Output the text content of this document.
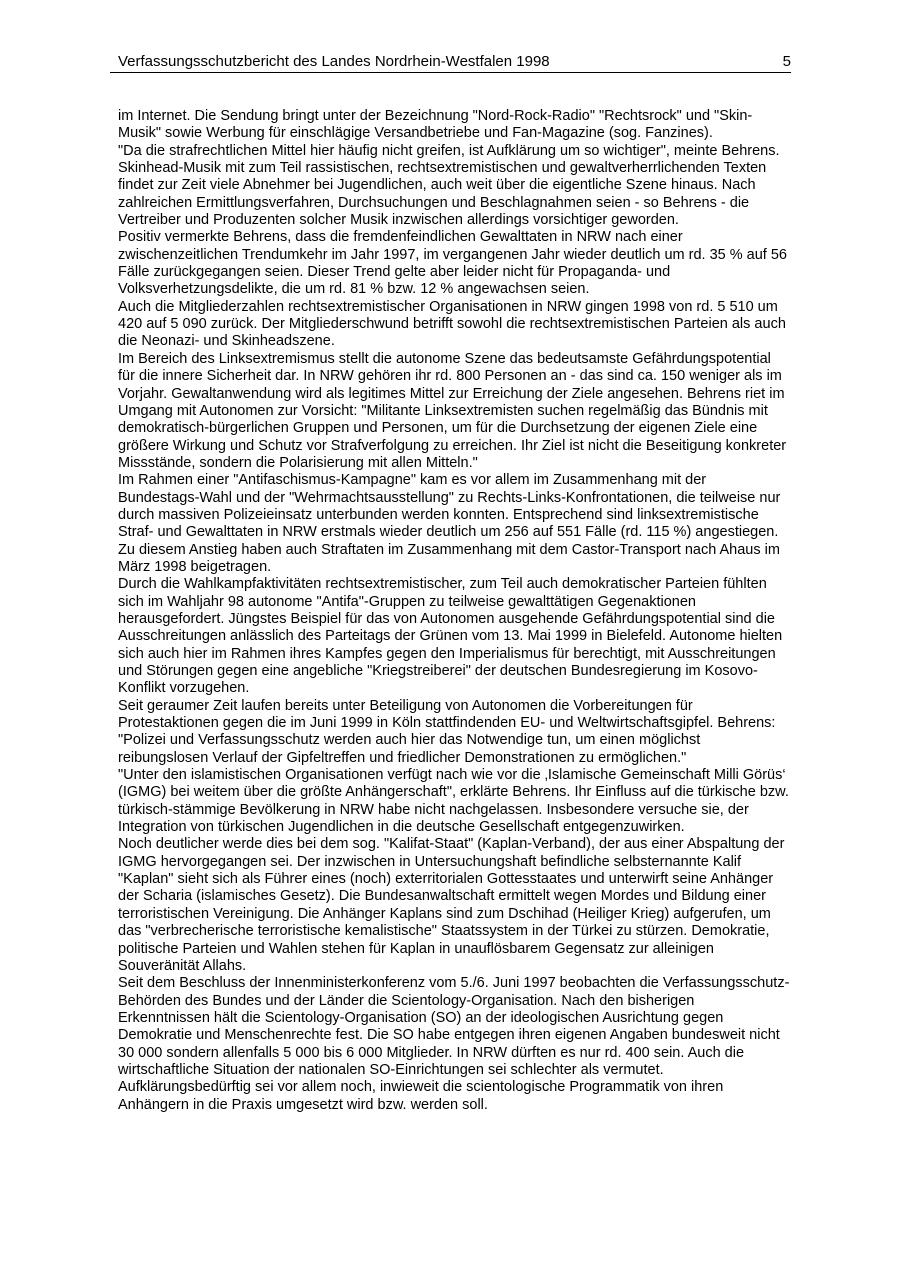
Verfassungsschutzbericht des Landes Nordrhein-Westfalen 1998	5

im Internet. Die Sendung bringt unter der Bezeichnung "Nord-Rock-Radio" "Rechtsrock" und "Skin-Musik" sowie Werbung für einschlägige Versandbetriebe und Fan-Magazine (sog. Fanzines).

"Da die strafrechtlichen Mittel hier häufig nicht greifen, ist Aufklärung um so wichtiger", meinte Behrens.

Skinhead-Musik mit zum Teil rassistischen, rechtsextremistischen und gewaltverherrlichenden Texten findet zur Zeit viele Abnehmer bei Jugendlichen, auch weit über die eigentliche Szene hinaus. Nach zahlreichen Ermittlungsverfahren, Durchsuchungen und Beschlagnahmen seien - so Behrens - die Vertreiber und Produzenten solcher Musik inzwischen allerdings vorsichtiger geworden.

Positiv vermerkte Behrens, dass die fremdenfeindlichen Gewalttaten in NRW nach einer zwischenzeitlichen Trendumkehr im Jahr 1997, im vergangenen Jahr wieder deutlich um rd. 35 % auf 56 Fälle zurückgegangen seien. Dieser Trend gelte aber leider nicht für Propaganda- und Volksverhetzungsdelikte, die um rd. 81 % bzw. 12 % angewachsen seien.

Auch die Mitgliederzahlen rechtsextremistischer Organisationen in NRW gingen 1998 von rd. 5 510 um 420 auf 5 090 zurück. Der Mitgliederschwund betrifft sowohl die rechtsextremistischen Parteien als auch die Neonazi- und Skinheadszene.

Im Bereich des Linksextremismus stellt die autonome Szene das bedeutsamste Gefährdungspotential für die innere Sicherheit dar. In NRW gehören ihr rd. 800 Personen an - das sind ca. 150 weniger als im Vorjahr. Gewaltanwendung wird als legitimes Mittel zur Erreichung der Ziele angesehen. Behrens riet im Umgang mit Autonomen zur Vorsicht: "Militante Linksextremisten suchen regelmäßig das Bündnis mit demokratisch-bürgerlichen Gruppen und Personen, um für die Durchsetzung der eigenen Ziele eine größere Wirkung und Schutz vor Strafverfolgung zu erreichen. Ihr Ziel ist nicht die Beseitigung konkreter Missstände, sondern die Polarisierung mit allen Mitteln."

Im Rahmen einer "Antifaschismus-Kampagne" kam es vor allem im Zusammenhang mit der Bundestags-Wahl und der "Wehrmachtsausstellung" zu Rechts-Links-Konfrontationen, die teilweise nur durch massiven Polizeieinsatz unterbunden werden konnten. Entsprechend sind linksextremistische Straf- und Gewalttaten in NRW erstmals wieder deutlich um 256 auf 551 Fälle (rd. 115 %) angestiegen. Zu diesem Anstieg haben auch Straftaten im Zusammenhang mit dem Castor-Transport nach Ahaus im März 1998 beigetragen.

Durch die Wahlkampfaktivitäten rechtsextremistischer, zum Teil auch demokratischer Parteien fühlten sich im Wahljahr 98 autonome "Antifa"-Gruppen zu teilweise gewalttätigen Gegenaktionen herausgefordert. Jüngstes Beispiel für das von Autonomen ausgehende Gefährdungspotential sind die Ausschreitungen anlässlich des Parteitags der Grünen vom 13. Mai 1999 in Bielefeld. Autonome hielten sich auch hier im Rahmen ihres Kampfes gegen den Imperialismus für berechtigt, mit Ausschreitungen und Störungen gegen eine angebliche "Kriegstreiberei" der deutschen Bundesregierung im Kosovo-Konflikt vorzugehen.

Seit geraumer Zeit laufen bereits unter Beteiligung von Autonomen die Vorbereitungen für Protestaktionen gegen die im Juni 1999 in Köln stattfindenden EU- und Weltwirtschaftsgipfel. Behrens: "Polizei und Verfassungsschutz werden auch hier das Notwendige tun, um einen möglichst reibungslosen Verlauf der Gipfeltreffen und friedlicher Demonstrationen zu ermöglichen."

"Unter den islamistischen Organisationen verfügt nach wie vor die ‚Islamische Gemeinschaft Milli Görüs‘ (IGMG) bei weitem über die größte Anhängerschaft", erklärte Behrens. Ihr Einfluss auf die türkische bzw. türkisch-stämmige Bevölkerung in NRW habe nicht nachgelassen. Insbesondere versuche sie, der Integration von türkischen Jugendlichen in die deutsche Gesellschaft entgegenzuwirken.

Noch deutlicher werde dies bei dem sog. "Kalifat-Staat" (Kaplan-Verband), der aus einer Abspaltung der IGMG hervorgegangen sei. Der inzwischen in Untersuchungshaft befindliche selbsternannte Kalif "Kaplan" sieht sich als Führer eines (noch) exterritorialen Gottesstaates und unterwirft seine Anhänger der Scharia (islamisches Gesetz). Die Bundesanwaltschaft ermittelt wegen Mordes und Bildung einer terroristischen Vereinigung. Die Anhänger Kaplans sind zum Dschihad (Heiliger Krieg) aufgerufen, um das "verbrecherische terroristische kemalistische" Staatssystem in der Türkei zu stürzen. Demokratie, politische Parteien und Wahlen stehen für Kaplan in unauflösbarem Gegensatz zur alleinigen Souveränität Allahs.

Seit dem Beschluss der Innenministerkonferenz vom 5./6. Juni 1997 beobachten die Verfassungsschutz-Behörden des Bundes und der Länder die Scientology-Organisation. Nach den bisherigen Erkenntnissen hält die Scientology-Organisation (SO) an der ideologischen Ausrichtung gegen Demokratie und Menschenrechte fest. Die SO habe entgegen ihren eigenen Angaben bundesweit nicht 30 000 sondern allenfalls 5 000 bis 6 000 Mitglieder. In NRW dürften es nur rd. 400 sein. Auch die wirtschaftliche Situation der nationalen SO-Einrichtungen sei schlechter als vermutet. Aufklärungsbedürftig sei vor allem noch, inwieweit die scientologische Programmatik von ihren Anhängern in die Praxis umgesetzt wird bzw. werden soll.
